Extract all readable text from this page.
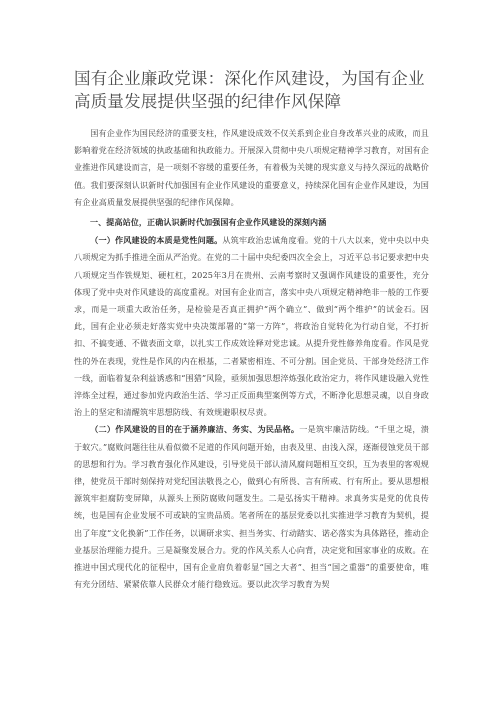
国有企业廉政党课：深化作风建设，为国有企业高质量发展提供坚强的纪律作风保障

国有企业作为国民经济的重要支柱，作风建设成效不仅关系到企业自身改革兴业的成败，而且影响着党在经济领域的执政基础和执政能力。开展深入贯彻中央八项规定精神学习教育，对国有企业推进作风建设而言，是一项刻不容缓的重要任务，有着极为关键的现实意义与持久深远的战略价值。我们要深刻认识新时代加强国有企业作风建设的重要意义，持续深化国有企业作风建设，为国有企业高质量发展提供坚强的纪律作风保障。

一、提高站位，正确认识新时代加强国有企业作风建设的深刻内涵

（一）作风建设的本质是党性问题。从筑牢政治忠诚角度看。党的十八大以来，党中央以中央八项规定为抓手推进全面从严治党。在党的二十届中央纪委四次全会上，习近平总书记要求把中央八项规定当作铁规矩、硬杠杠，2025年3月在贵州、云南考察时又强调作风建设的重要性，充分体现了党中央对作风建设的高度重视。对国有企业而言，落实中央八项规定精神绝非一般的工作要求，而是一项重大政治任务，是检验是否真正拥护“两个确立”、做到“两个维护”的试金石。因此，国有企业必须走好落实党中央决策部署的“第一方阵”，将政治自觉转化为行动自觉，不打折扣、不搞变通、不做表面文章，以扎实工作成效诠释对党忠诚。从提升党性修养角度看。作风是党性的外在表现，党性是作风的内在根基，二者紧密相连、不可分割。国企党员、干部身处经济工作一线，面临着复杂利益诱惑和“围猎”风险，亟须加强思想淬炼强化政治定力，将作风建设融入党性淬炼全过程，通过参加党内政治生活、学习正反面典型案例等方式，不断净化思想灵魂，以自身政治上的坚定和清醒筑牢思想防线、有效规避职权尽责。

（二）作风建设的目的在于涵养廉洁、务实、为民品格。一是筑牢廉洁防线。“千里之堤，溃于蚁穴。”腐败问题往往从看似微不足道的作风问题开始，由表及里、由浅入深，逐渐侵蚀党员干部的思想和行为。学习教育强化作风建设，引导党员干部认清风腐问题相互交织，互为表里的客观规律，使党员干部时刻保持对党纪国法敬畏之心，做到心有所畏、言有所戒、行有所止。要从思想根源筑牢拒腐防变屏障，从源头上预防腐败问题发生。二是弘扬实干精神。求真务实是党的优良传统，也是国有企业发展不可或缺的宝贵品质。笔者所在的基层党委以扎实推进学习教育为契机，提出了年度“文化换新”工作任务，以调研求实、担当务实、行动踏实、诺必落实为具体路径，推动企业基层治理能力提升。三是凝聚发展合力。党的作风关系人心向背，决定党和国家事业的成败。在推进中国式现代化的征程中，国有企业肩负着彰显“国之大者”、担当“国之重器”的重要使命，唯有充分团结、紧紧依靠人民群众才能行稳致远。要以此次学习教育为契
